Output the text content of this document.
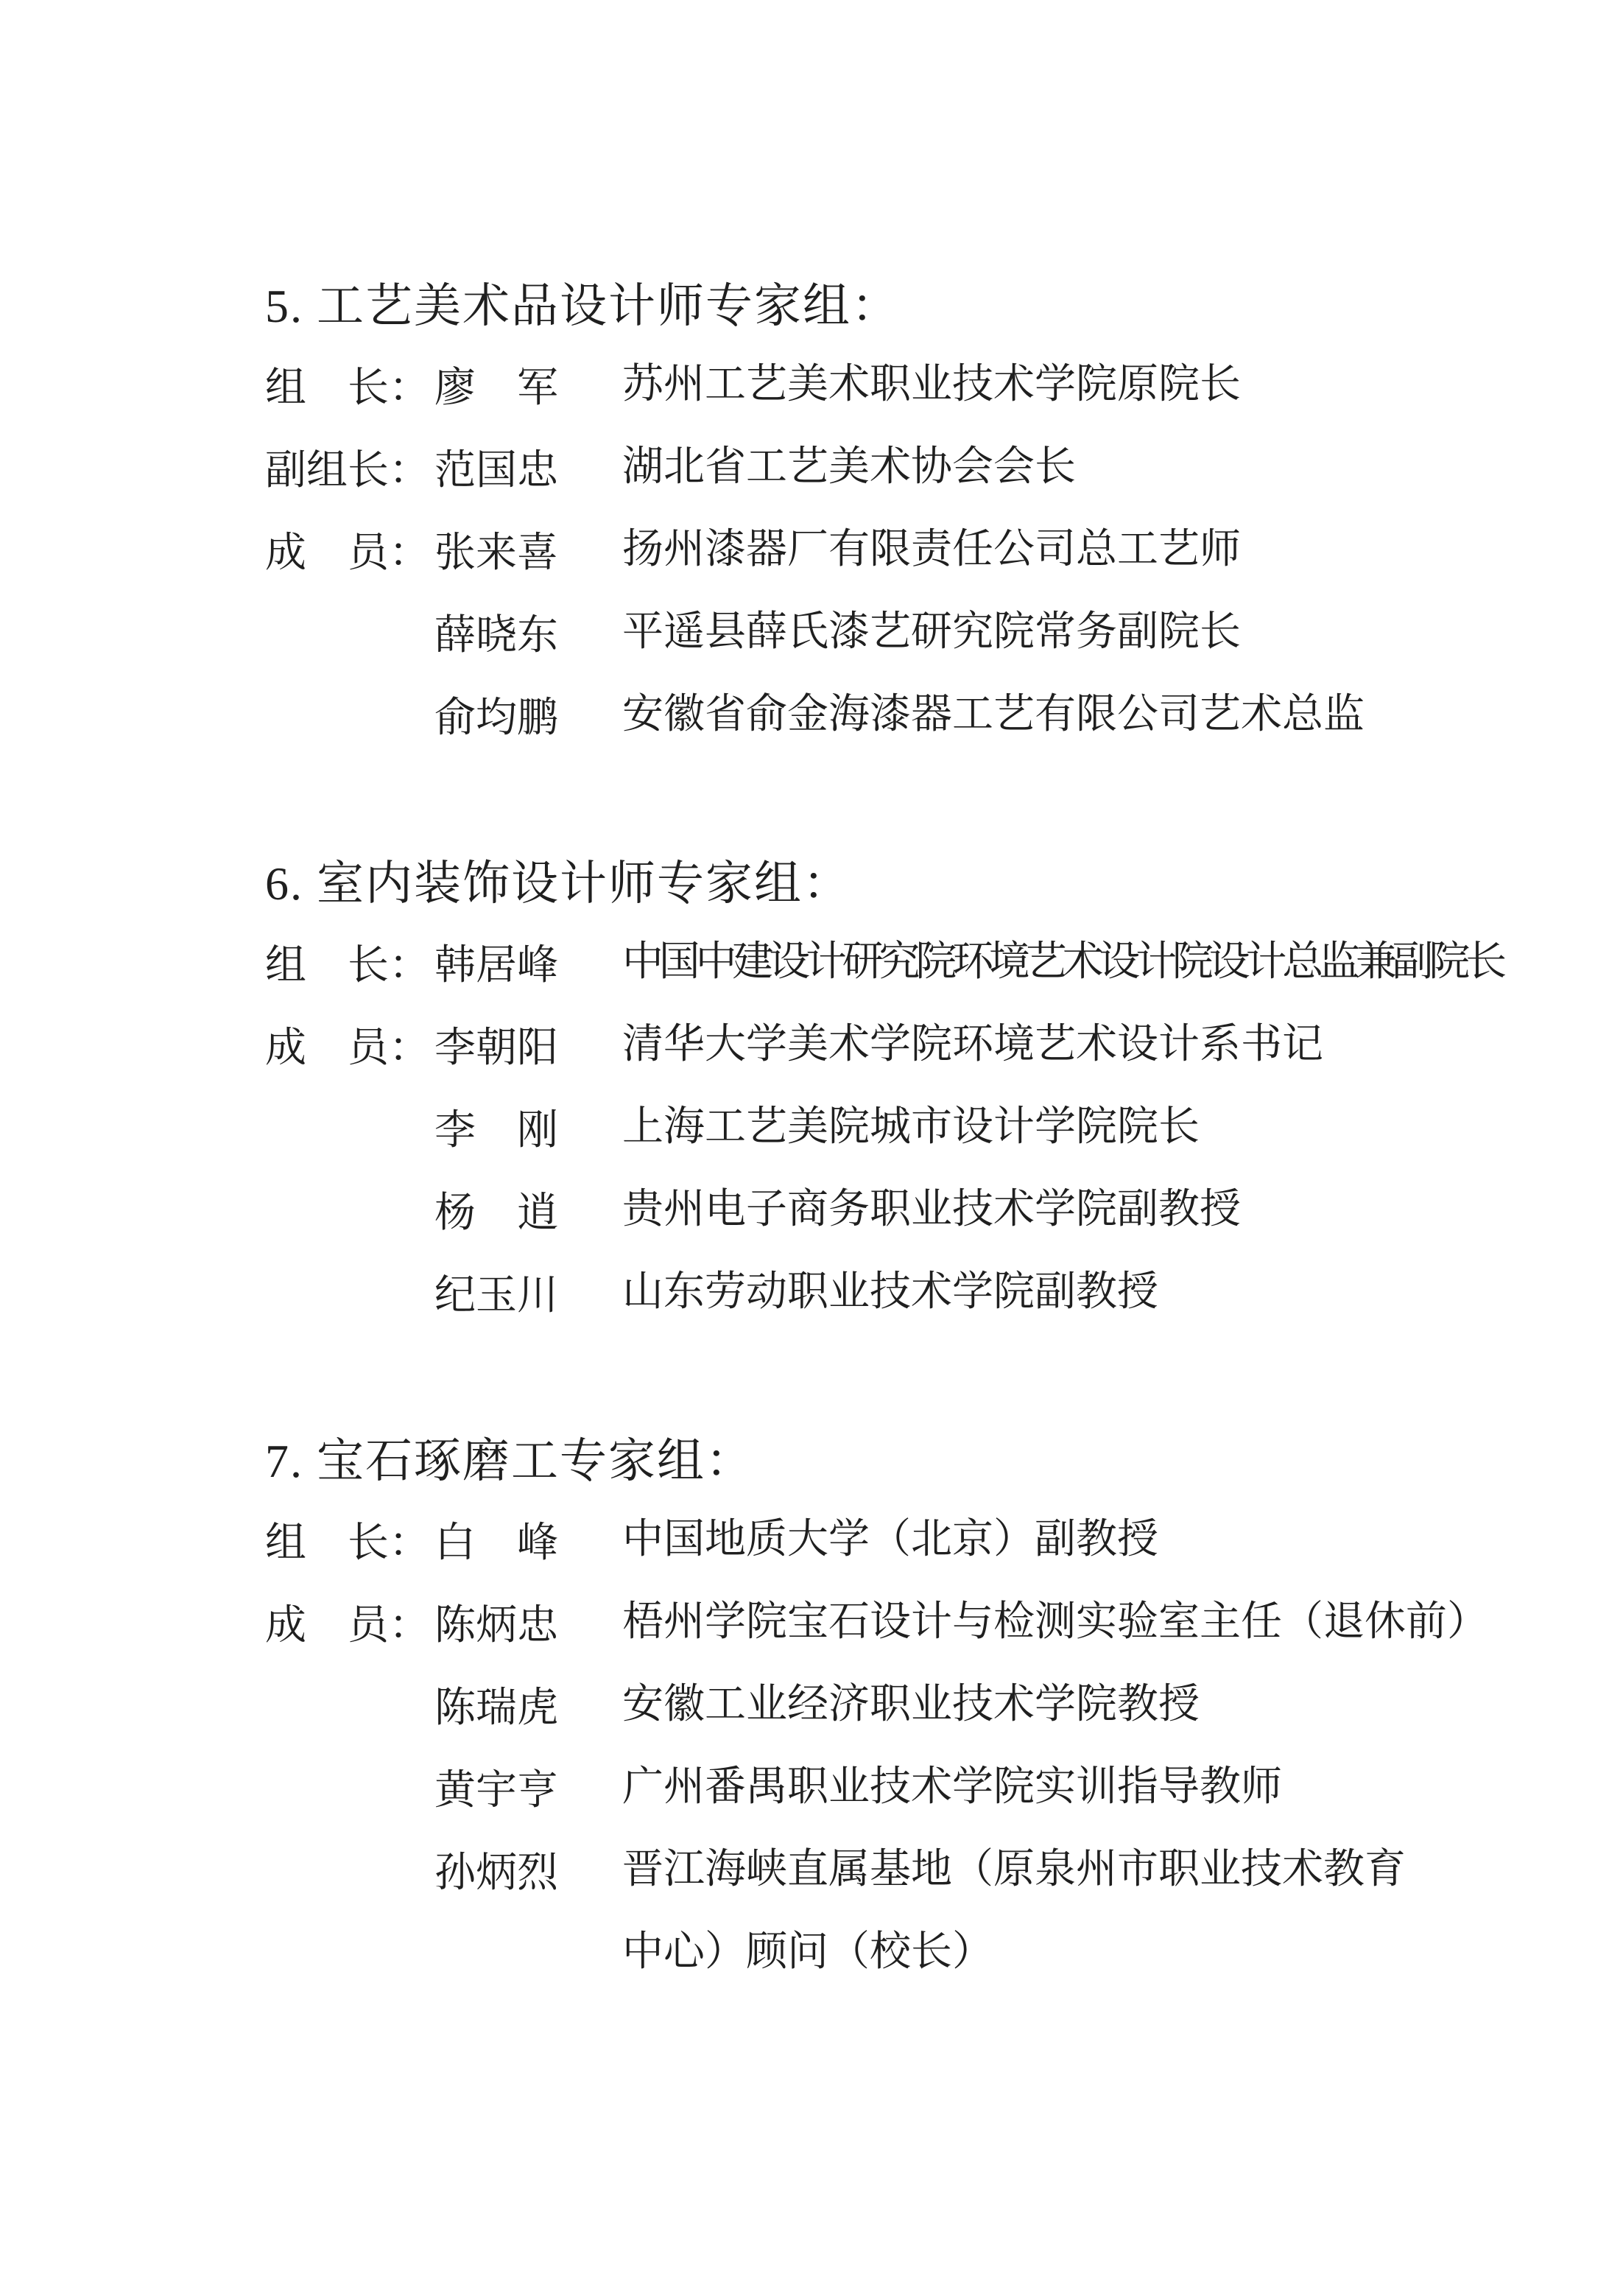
5. 工艺美术品设计师专家组：
组　长： 廖　军	苏州工艺美术职业技术学院原院长
副组长： 范国忠	湖北省工艺美术协会会长
成　员： 张来喜	扬州漆器厂有限责任公司总工艺师
薛晓东	平遥县薛氏漆艺研究院常务副院长
俞均鹏	安徽省俞金海漆器工艺有限公司艺术总监
6. 室内装饰设计师专家组：
组　长： 韩居峰	中国中建设计研究院环境艺术设计院设计总监兼副院长
成　员： 李朝阳	清华大学美术学院环境艺术设计系书记
李　刚	上海工艺美院城市设计学院院长
杨　逍	贵州电子商务职业技术学院副教授
纪玉川	山东劳动职业技术学院副教授
7. 宝石琢磨工专家组：
组　长： 白　峰	中国地质大学（北京）副教授
成　员： 陈炳忠	梧州学院宝石设计与检测实验室主任（退休前）
陈瑞虎	安徽工业经济职业技术学院教授
黄宇亨	广州番禺职业技术学院实训指导教师
孙炳烈	晋江海峡直属基地（原泉州市职业技术教育
中心）顾问（校长）
